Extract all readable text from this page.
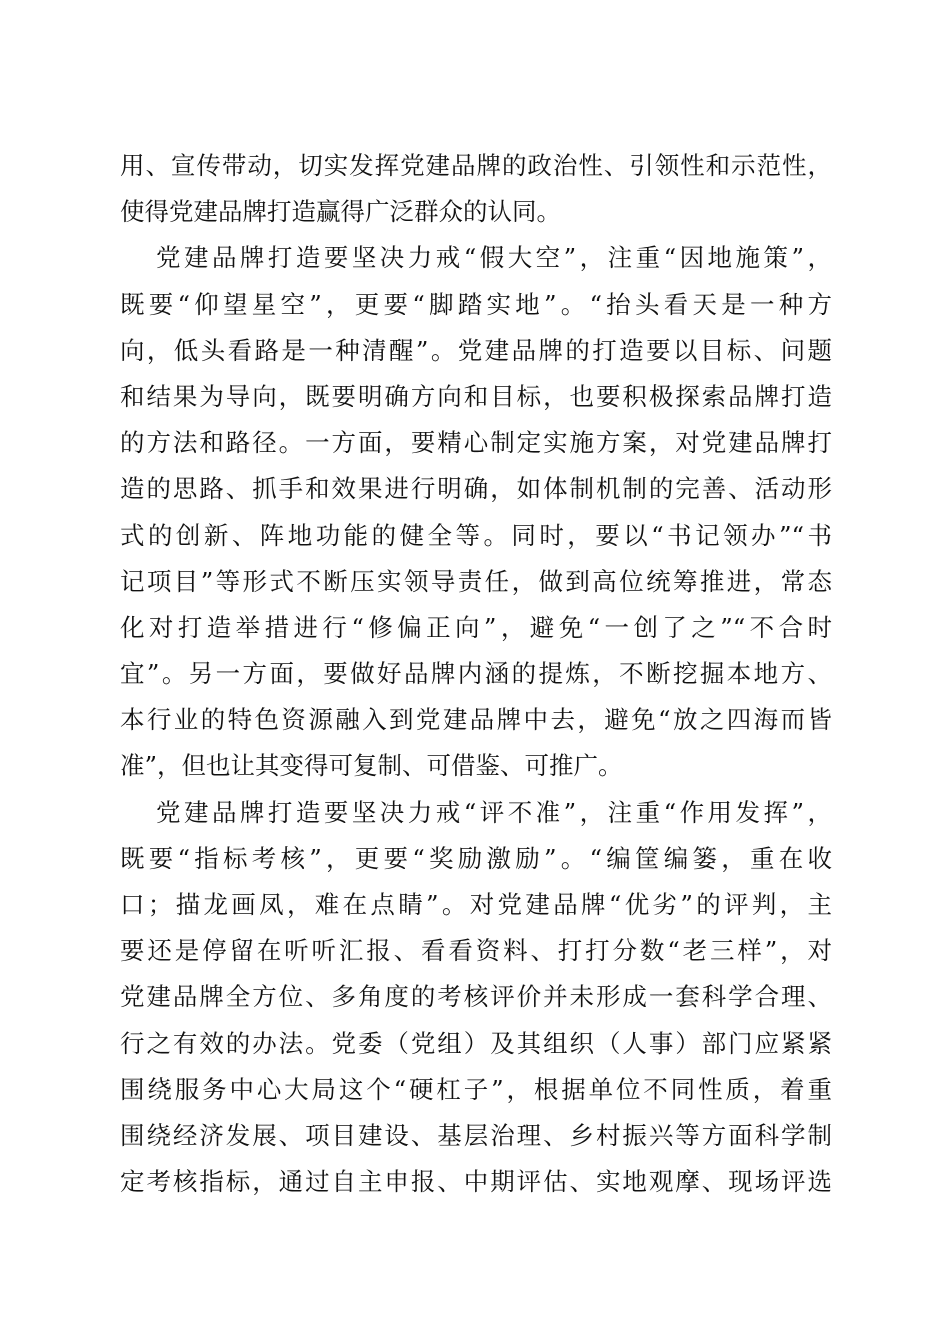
用、宣传带动，切实发挥党建品牌的政治性、引领性和示范性，
使得党建品牌打造赢得广泛群众的认同。
党建品牌打造要坚决力戒“假大空”，注重“因地施策”，
既要“仰望星空”，更要“脚踏实地”。“抬头看天是一种方
向，低头看路是一种清醒”。党建品牌的打造要以目标、问题
和结果为导向，既要明确方向和目标，也要积极探索品牌打造
的方法和路径。一方面，要精心制定实施方案，对党建品牌打
造的思路、抓手和效果进行明确，如体制机制的完善、活动形
式的创新、阵地功能的健全等。同时，要以“书记领办”“书
记项目”等形式不断压实领导责任，做到高位统筹推进，常态
化对打造举措进行“修偏正向”，避免“一创了之”“不合时
宜”。另一方面，要做好品牌内涵的提炼，不断挖掘本地方、
本行业的特色资源融入到党建品牌中去，避免“放之四海而皆
准”，但也让其变得可复制、可借鉴、可推广。
党建品牌打造要坚决力戒“评不准”，注重“作用发挥”，
既要“指标考核”，更要“奖励激励”。“编筐编篓，重在收
口；描龙画凤，难在点睛”。对党建品牌“优劣”的评判，主
要还是停留在听听汇报、看看资料、打打分数“老三样”，对
党建品牌全方位、多角度的考核评价并未形成一套科学合理、
行之有效的办法。党委（党组）及其组织（人事）部门应紧紧
围绕服务中心大局这个“硬杠子”，根据单位不同性质，着重
围绕经济发展、项目建设、基层治理、乡村振兴等方面科学制
定考核指标，通过自主申报、中期评估、实地观摩、现场评选
